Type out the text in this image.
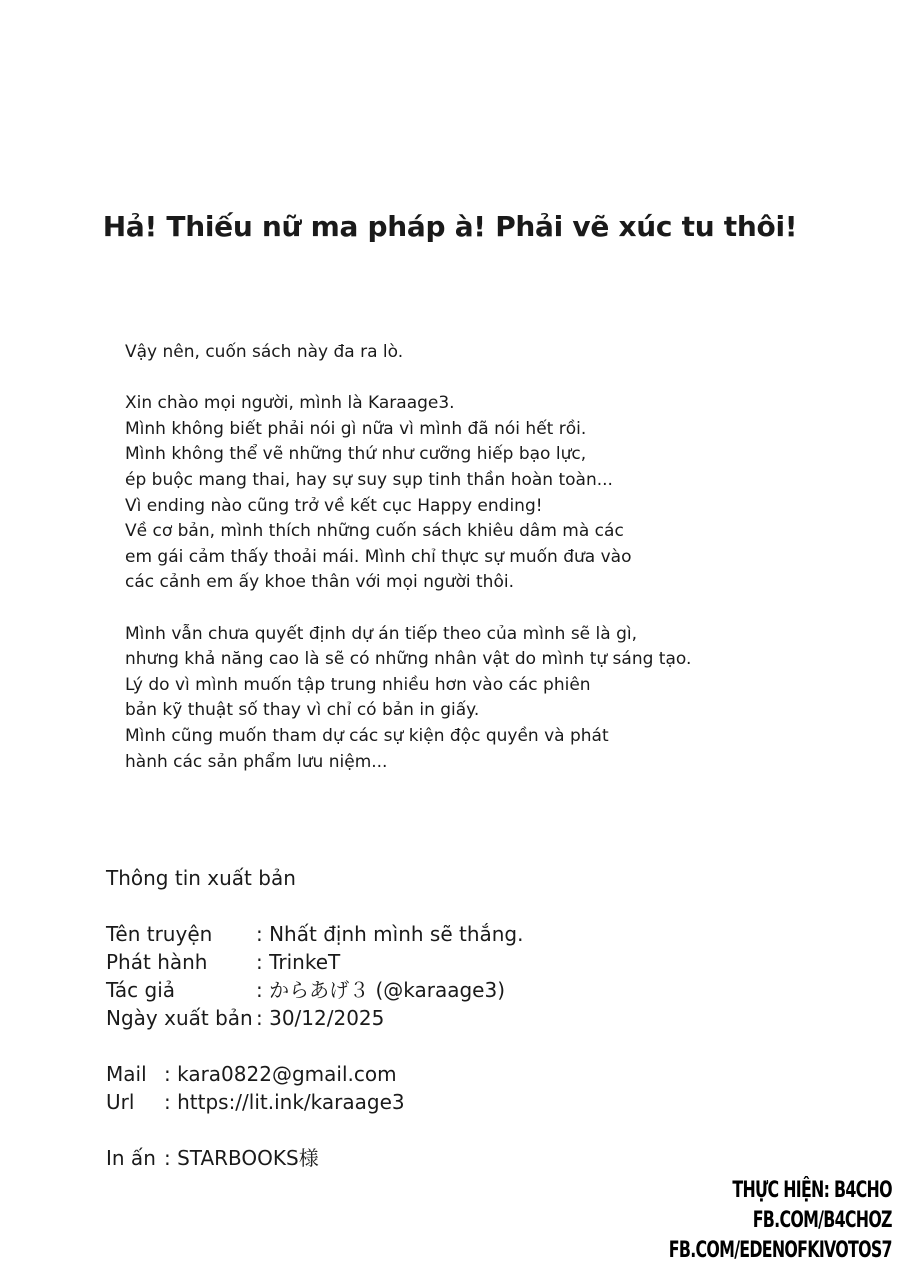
Hả! Thiếu nữ ma pháp à! Phải vẽ xúc tu thôi!
Vậy nên, cuốn sách này đa ra lò.
Xin chào mọi người, mình là Karaage3.
Mình không biết phải nói gì nữa vì mình đã nói hết rồi.
Mình không thể vẽ những thứ như cưỡng hiếp bạo lực,
ép buộc mang thai, hay sự suy sụp tinh thần hoàn toàn...
Vì ending nào cũng trở về kết cục Happy ending!
Về cơ bản, mình thích những cuốn sách khiêu dâm mà các
em gái cảm thấy thoải mái. Mình chỉ thực sự muốn đưa vào
các cảnh em ấy khoe thân với mọi người thôi.
Mình vẫn chưa quyết định dự án tiếp theo của mình sẽ là gì,
nhưng khả năng cao là sẽ có những nhân vật do mình tự sáng tạo.
Lý do vì mình muốn tập trung nhiều hơn vào các phiên
bản kỹ thuật số thay vì chỉ có bản in giấy.
Mình cũng muốn tham dự các sự kiện độc quyền và phát
hành các sản phẩm lưu niệm...
Thông tin xuất bản
Tên truyện	: Nhất định mình sẽ thắng.
Phát hành	: TrinkeT
Tác giả	: からあげ３ (@karaage3)
Ngày xuất bản : 30/12/2025
Mail : kara0822@gmail.com
Url	: https://lit.ink/karaage3
In ấn : STARBOOKS様
THỰC HIỆN: B4CHO
FB.COM/B4CHOZ
FB.COM/EDENOFKIVOTOS7
